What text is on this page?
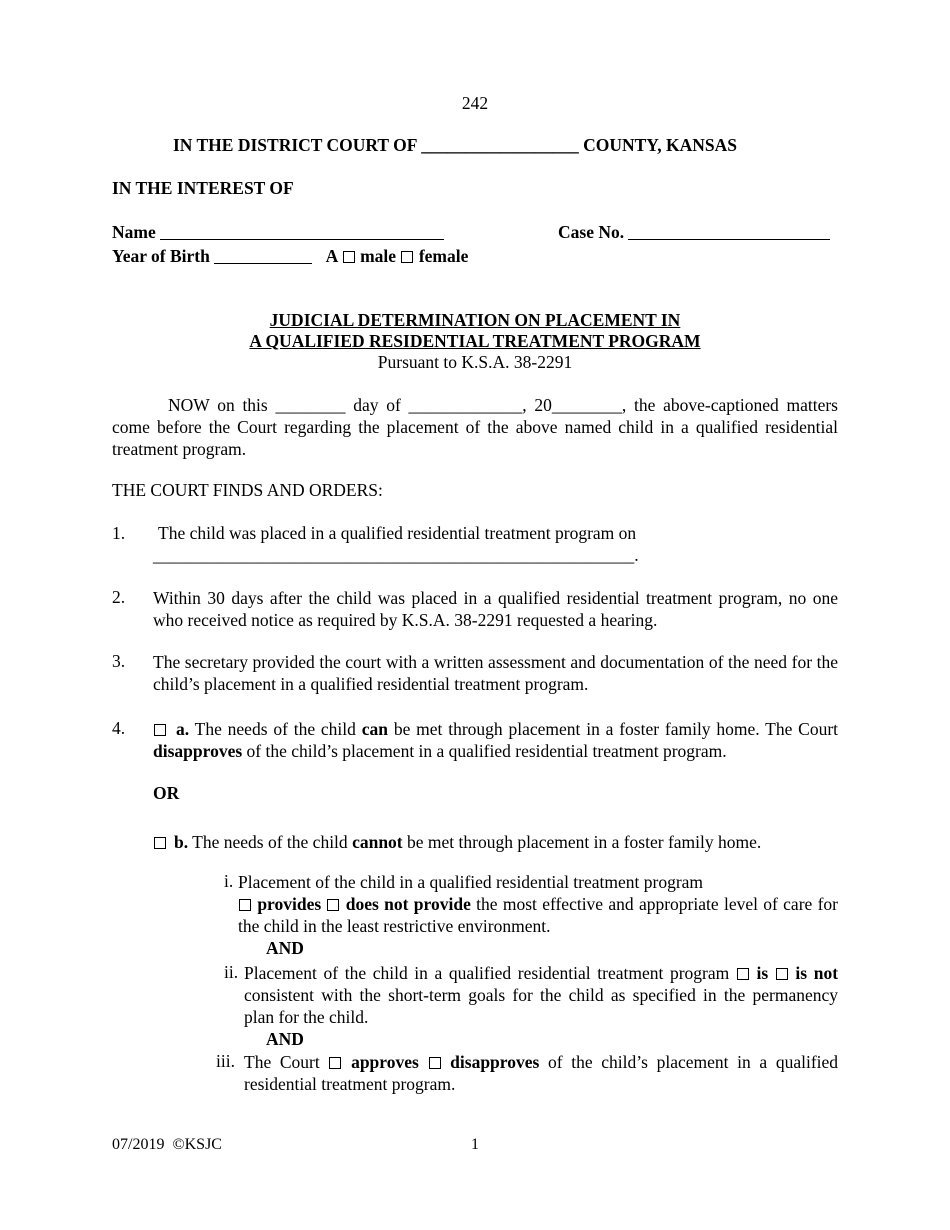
242
IN THE DISTRICT COURT OF __________________ COUNTY, KANSAS
IN THE INTEREST OF
Name	Case No.
Year of Birth	A male female
JUDICIAL DETERMINATION ON PLACEMENT IN
A QUALIFIED RESIDENTIAL TREATMENT PROGRAM
Pursuant to K.S.A. 38-2291

NOW on this ________ day of _____________, 20________, the above-captioned matters

come before the Court regarding the placement of the above named child in a qualified residential treatment program.

THE COURT FINDS AND ORDERS:
1. The child was placed in a qualified residential treatment program on
_______________________________________________________.
2. Within 30 days after the child was placed in a qualified residential treatment program, no one who received notice as required by K.S.A. 38-2291 requested a hearing.

3. The secretary provided the court with a written assessment and documentation of the need for the child’s placement in a qualified residential treatment program.

4.	a. The needs of the child can be met through placement in a foster family home. The Court disapproves of the child’s placement in a qualified residential treatment program.

OR
b. The needs of the child cannot be met through placement in a foster family home.
i. Placement of the child in a qualified residential treatment program

provides does not provide the most effective and appropriate level of care for the child in the least restrictive environment.

AND

ii. Placement of the child in a qualified residential treatment program is is not consistent with the short-term goals for the child as specified in the permanency plan for the child.

AND

iii. The Court approves disapproves of the child’s placement in a qualified residential treatment program.

07/2019 ©KSJC	1
